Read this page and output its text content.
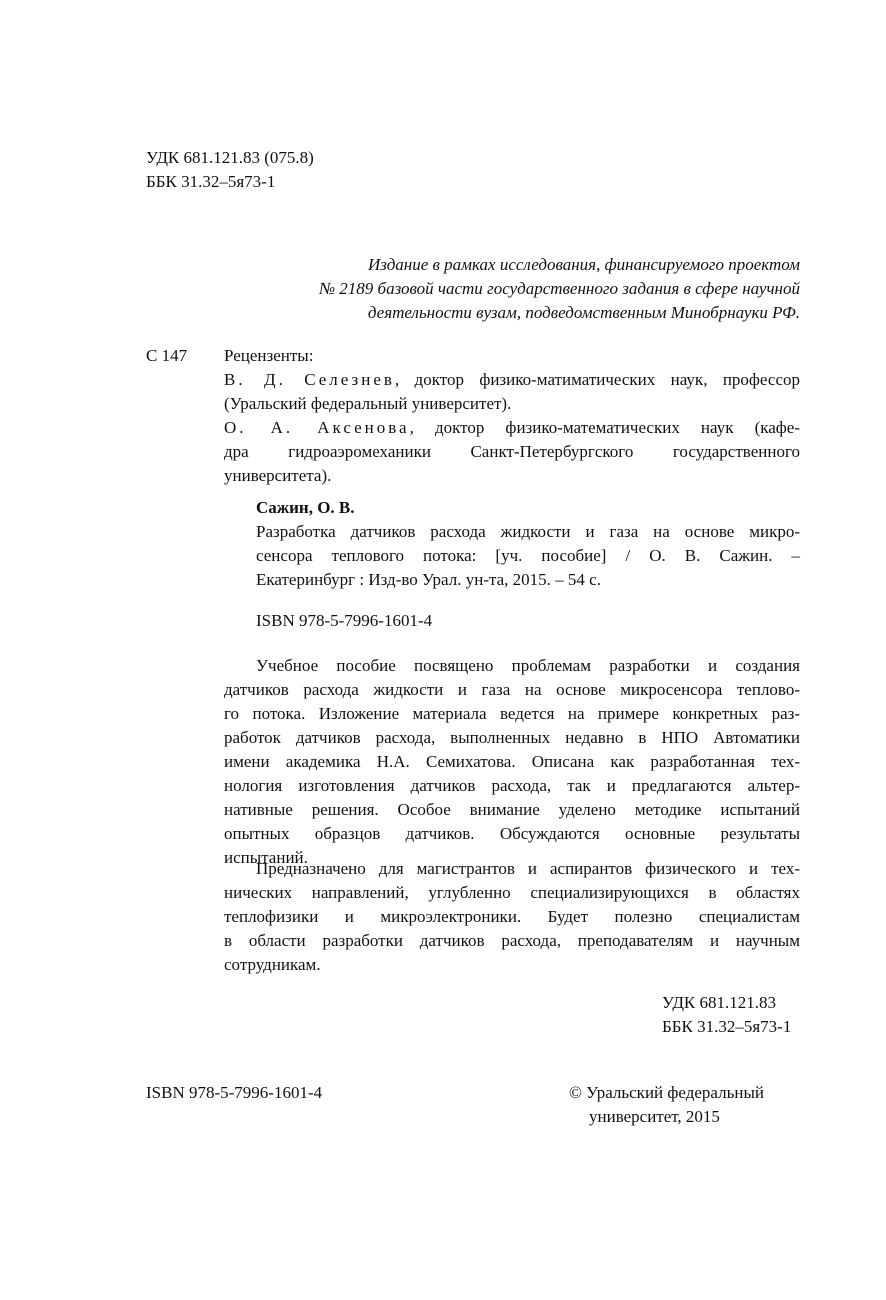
УДК 681.121.83 (075.8)

ББК 31.32–5я73-1

Издание в рамках исследования, финансируемого проектом

№ 2189 базовой части государственного задания в сфере научной

деятельности вузам, подведомственным Минобрнауки РФ.

С 147 Рецензенты:

В. Д. Селезнев, доктор физико-матиматических наук, профессор

(Уральский федеральный университет).

О. А. Аксенова, доктор физико-математических наук (кафе-

дра гидроаэромеханики Санкт-Петербургского государственного

университета).

Сажин, О. В.

Разработка датчиков расхода жидкости и газа на основе микро-

сенсора теплового потока: [уч. пособие] / О. В. Сажин. –

Екатеринбург : Изд-во Урал. ун-та, 2015. – 54 с.

ISBN 978-5-7996-1601-4

Учебное пособие посвящено проблемам разработки и создания

датчиков расхода жидкости и газа на основе микросенсора теплово-

го потока. Изложение материала ведется на примере конкретных раз-

работок датчиков расхода, выполненных недавно в НПО Автоматики

имени академика Н.А. Семихатова. Описана как разработанная тех-

нология изготовления датчиков расхода, так и предлагаются альтер-

нативные решения. Особое внимание уделено методике испытаний

опытных образцов датчиков. Обсуждаются основные результаты

испытаний.

Предназначено для магистрантов и аспирантов физического и тех-

нических направлений, углубленно специализирующихся в областях

теплофизики и микроэлектроники. Будет полезно специалистам

в области разработки датчиков расхода, преподавателям и научным

сотрудникам.

УДК 681.121.83

ББК 31.32–5я73-1

ISBN 978-5-7996-1601-4	© Уральский федеральный

университет, 2015
